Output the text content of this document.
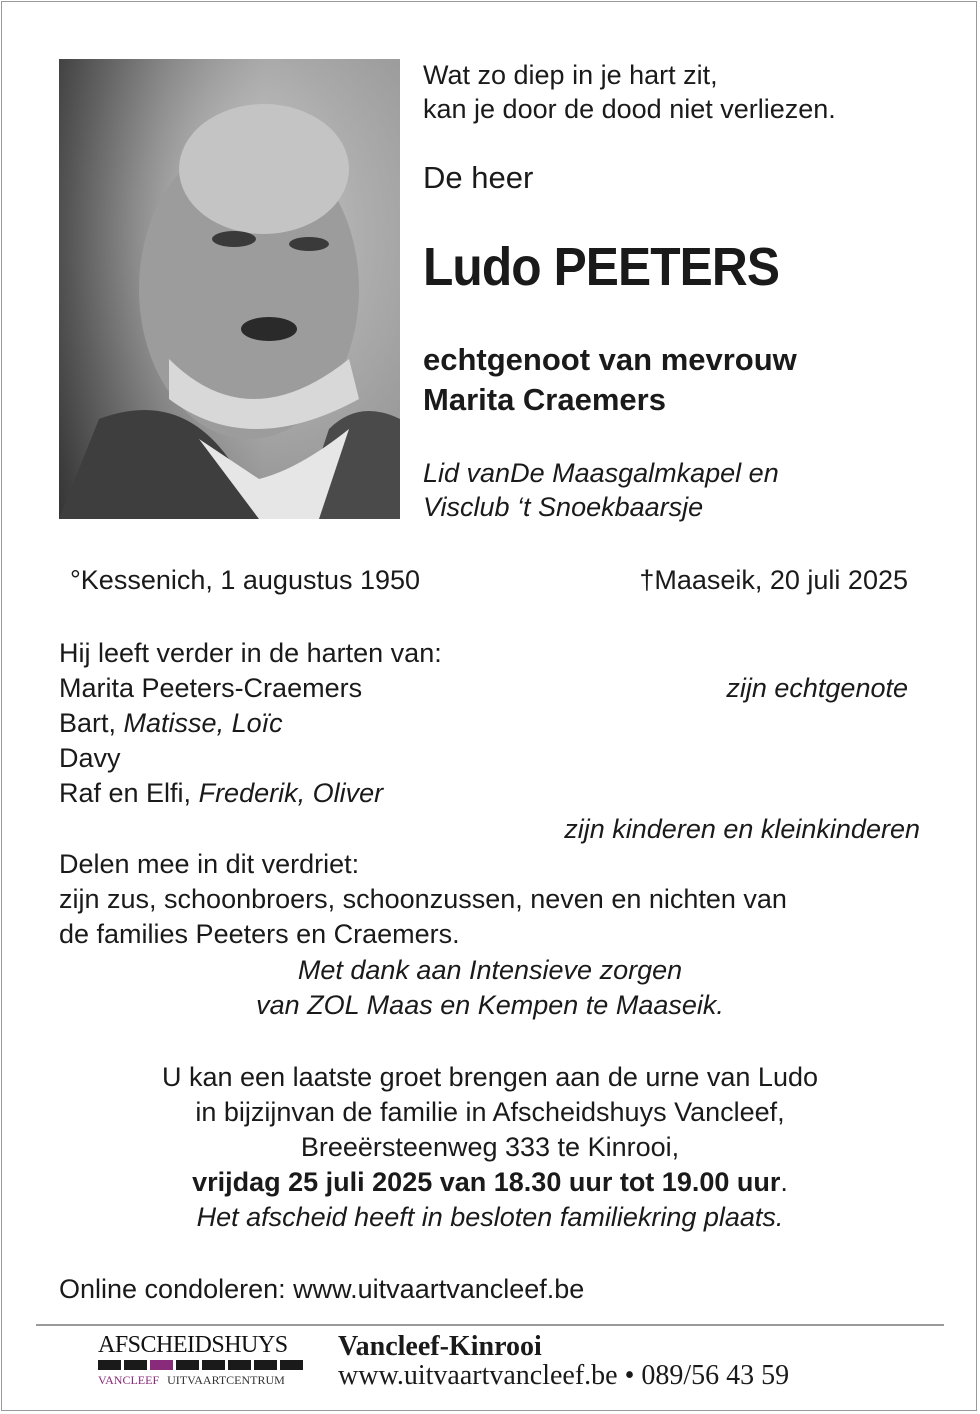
Wat zo diep in je hart zit,
kan je door de dood niet verliezen.
De heer
Ludo PEETERS
echtgenoot van mevrouw
Marita Craemers
Lid vanDe Maasgalmkapel en
Visclub ‘t Snoekbaarsje
°Kessenich, 1 augustus 1950	†Maaseik, 20 juli 2025
Hij leeft verder in de harten van:
Marita Peeters-Craemers	zijn echtgenote
Bart, Matisse, Loïc
Davy
Raf en Elfi, Frederik, Oliver
zijn kinderen en kleinkinderen
Delen mee in dit verdriet:
zijn zus, schoonbroers, schoonzussen, neven en nichten van
de families Peeters en Craemers.
Met dank aan Intensieve zorgen
van ZOL Maas en Kempen te Maaseik.
U kan een laatste groet brengen aan de urne van Ludo
in bijzijnvan de familie in Afscheidshuys Vancleef,
Breeërsteenweg 333 te Kinrooi,
vrijdag 25 juli 2025 van 18.30 uur tot 19.00 uur.
Het afscheid heeft in besloten familiekring plaats.
Online condoleren: www.uitvaartvancleef.be
AFSCHEIDSHUYS
VANCLEEF UITVAARTCENTRUM
Vancleef-Kinrooi
www.uitvaartvancleef.be • 089/56 43 59
